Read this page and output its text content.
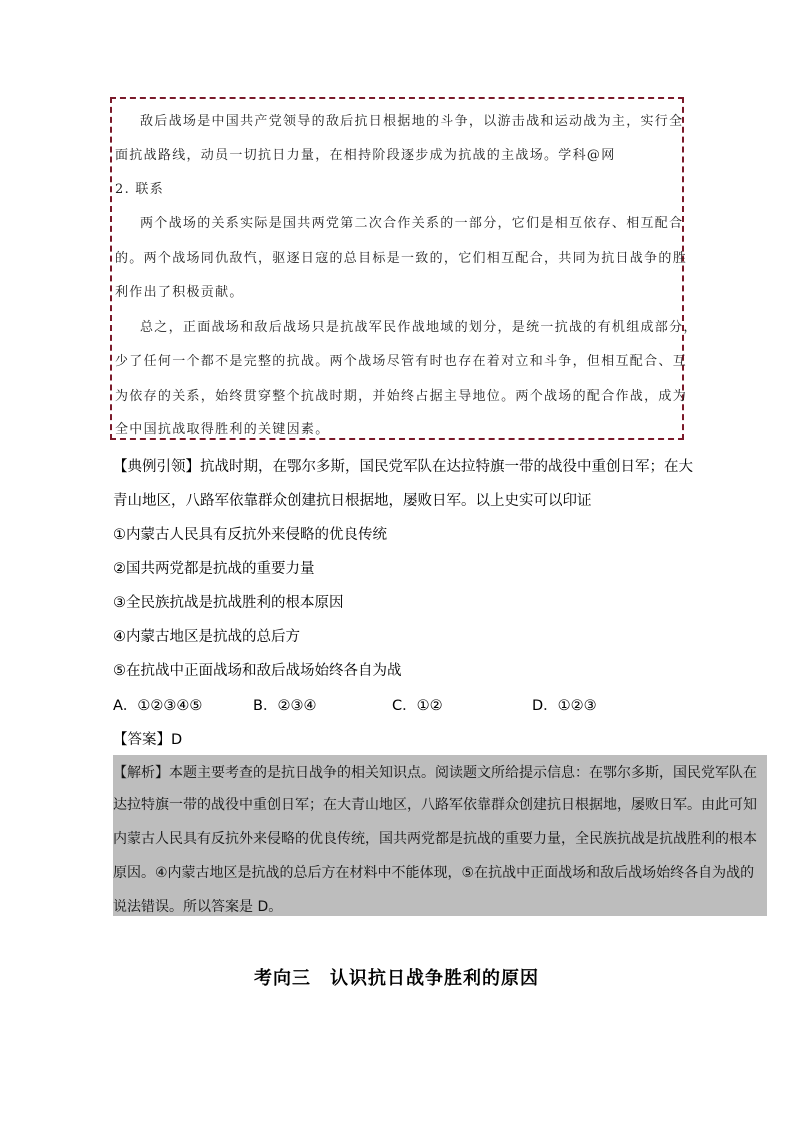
敌后战场是中国共产党领导的敌后抗日根据地的斗争，以游击战和运动战为主，实行全
面抗战路线，动员一切抗日力量，在相持阶段逐步成为抗战的主战场。学科@网
2. 联系
两个战场的关系实际是国共两党第二次合作关系的一部分，它们是相互依存、相互配合
的。两个战场同仇敌忾，驱逐日寇的总目标是一致的，它们相互配合，共同为抗日战争的胜
利作出了积极贡献。
总之，正面战场和敌后战场只是抗战军民作战地域的划分，是统一抗战的有机组成部分，
少了任何一个都不是完整的抗战。两个战场尽管有时也存在着对立和斗争，但相互配合、互
为依存的关系，始终贯穿整个抗战时期，并始终占据主导地位。两个战场的配合作战，成为
全中国抗战取得胜利的关键因素。
【典例引领】抗战时期，在鄂尔多斯，国民党军队在达拉特旗一带的战役中重创日军；在大
青山地区，八路军依靠群众创建抗日根据地，屡败日军。以上史实可以印证
①内蒙古人民具有反抗外来侵略的优良传统
②国共两党都是抗战的重要力量
③全民族抗战是抗战胜利的根本原因
④内蒙古地区是抗战的总后方
⑤在抗战中正面战场和敌后战场始终各自为战
A．①②③④⑤	B．②③④	C．①②	D．①②③
【答案】D
【解析】本题主要考查的是抗日战争的相关知识点。阅读题文所给提示信息：在鄂尔多斯，国民党军队在
达拉特旗一带的战役中重创日军；在大青山地区，八路军依靠群众创建抗日根据地，屡败日军。由此可知
内蒙古人民具有反抗外来侵略的优良传统，国共两党都是抗战的重要力量，全民族抗战是抗战胜利的根本
原因。④内蒙古地区是抗战的总后方在材料中不能体现，⑤在抗战中正面战场和敌后战场始终各自为战的
说法错误。所以答案是 D。
考向三　认识抗日战争胜利的原因
